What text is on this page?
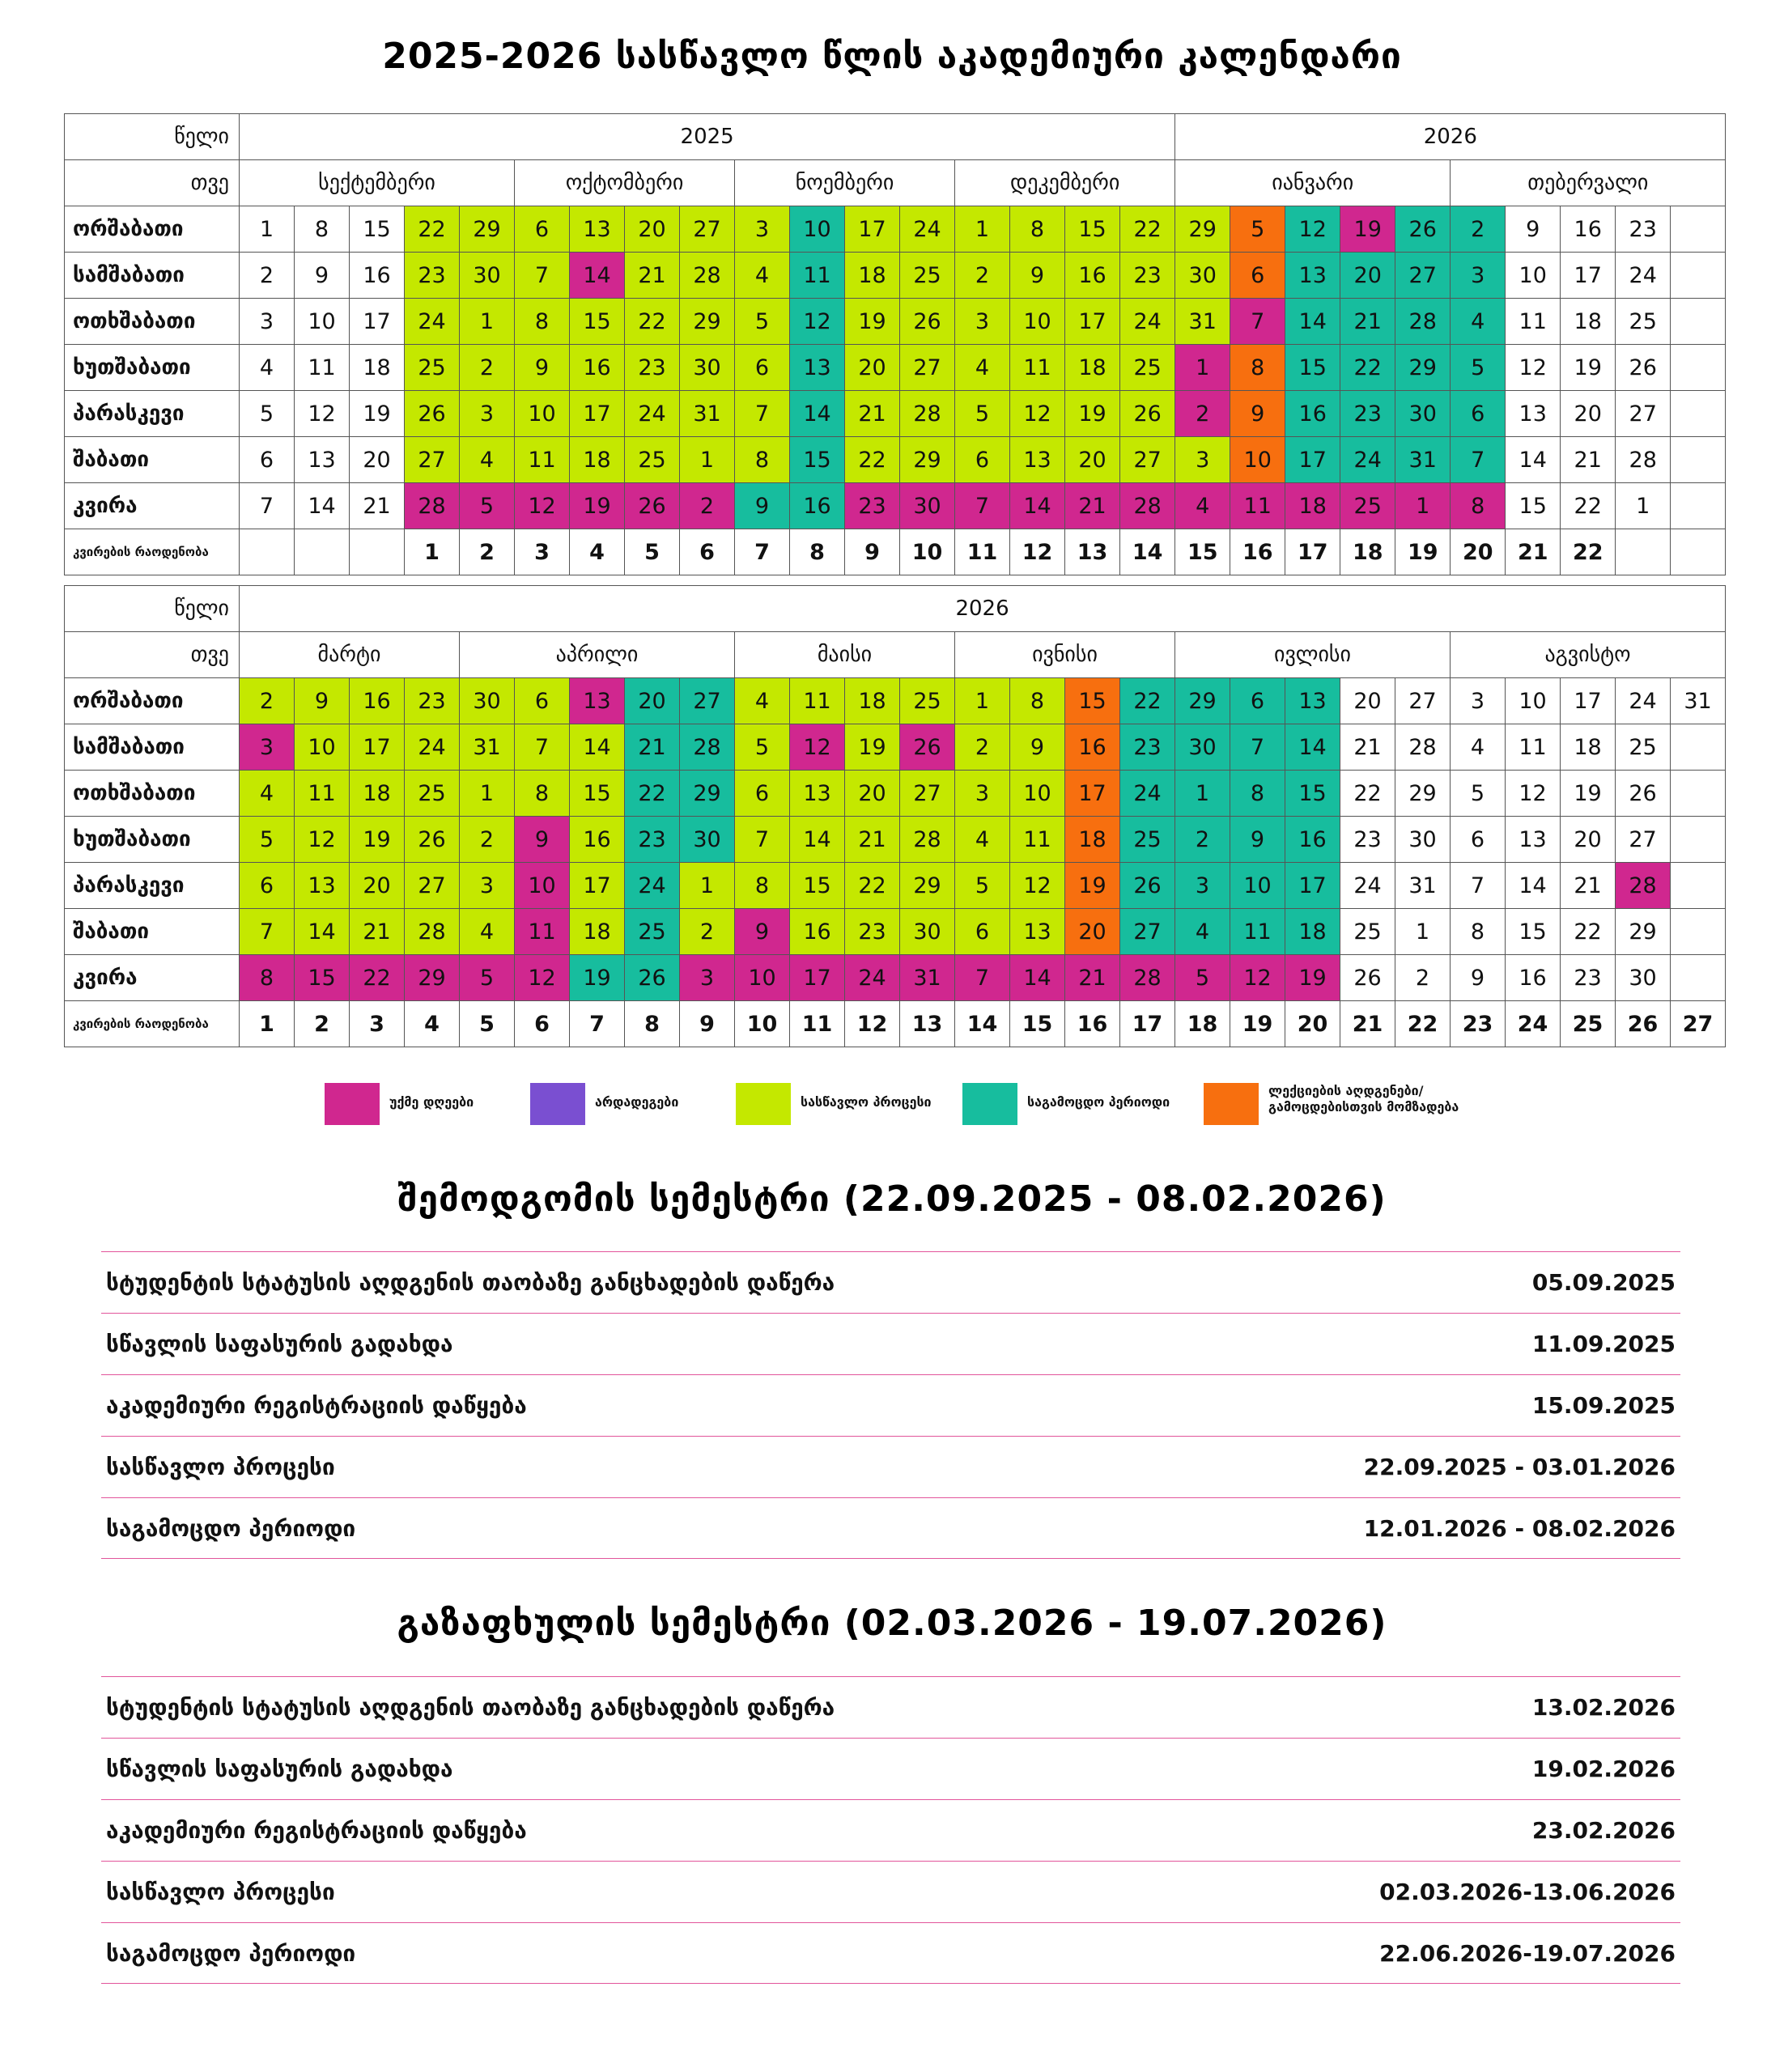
2025-2026 სასწავლო წლის აკადემიური კალენდარი
წელი	2025																	2026									
თვე	სექტემბერი					ოქტომბერი				ნოემბერი				დეკემბერი				იანვარი					თებერვალი				
ორშაბათი	1	8	15	22	29	6	13	20	27	3	10	17	24	1	8	15	22	29	5	12	19	26	2	9	16	23	
სამშაბათი	2	9	16	23	30	7	14	21	28	4	11	18	25	2	9	16	23	30	6	13	20	27	3	10	17	24	
ოთხშაბათი	3	10	17	24	1	8	15	22	29	5	12	19	26	3	10	17	24	31	7	14	21	28	4	11	18	25	
ხუთშაბათი	4	11	18	25	2	9	16	23	30	6	13	20	27	4	11	18	25	1	8	15	22	29	5	12	19	26	
პარასკევი	5	12	19	26	3	10	17	24	31	7	14	21	28	5	12	19	26	2	9	16	23	30	6	13	20	27	
შაბათი	6	13	20	27	4	11	18	25	1	8	15	22	29	6	13	20	27	3	10	17	24	31	7	14	21	28	
კვირა	7	14	21	28	5	12	19	26	2	9	16	23	30	7	14	21	28	4	11	18	25	1	8	15	22	1	
კვირების რაოდენობა				1	2	3	4	5	6	7	8	9	10	11	12	13	14	15	16	17	18	19	20	21	22		
წელი	2026																										
თვე	მარტი				აპრილი					მაისი				ივნისი				ივლისი					აგვისტო				
ორშაბათი	2	9	16	23	30	6	13	20	27	4	11	18	25	1	8	15	22	29	6	13	20	27	3	10	17	24	31
სამშაბათი	3	10	17	24	31	7	14	21	28	5	12	19	26	2	9	16	23	30	7	14	21	28	4	11	18	25	
ოთხშაბათი	4	11	18	25	1	8	15	22	29	6	13	20	27	3	10	17	24	1	8	15	22	29	5	12	19	26	
ხუთშაბათი	5	12	19	26	2	9	16	23	30	7	14	21	28	4	11	18	25	2	9	16	23	30	6	13	20	27	
პარასკევი	6	13	20	27	3	10	17	24	1	8	15	22	29	5	12	19	26	3	10	17	24	31	7	14	21	28	
შაბათი	7	14	21	28	4	11	18	25	2	9	16	23	30	6	13	20	27	4	11	18	25	1	8	15	22	29	
კვირა	8	15	22	29	5	12	19	26	3	10	17	24	31	7	14	21	28	5	12	19	26	2	9	16	23	30	
კვირების რაოდენობა	1	2	3	4	5	6	7	8	9	10	11	12	13	14	15	16	17	18	19	20	21	22	23	24	25	26	27
უქმე დღეები	არდადეგები	სასწავლო პროცესი	საგამოცდო პერიოდი
ლექციების აღდგენები/
გამოცდებისთვის მომზადება
შემოდგომის სემესტრი (22.09.2025 - 08.02.2026)
სტუდენტის სტატუსის აღდგენის თაობაზე განცხადების დაწერა	05.09.2025
სწავლის საფასურის გადახდა	11.09.2025
აკადემიური რეგისტრაციის დაწყება	15.09.2025
სასწავლო პროცესი	22.09.2025 - 03.01.2026
საგამოცდო პერიოდი	12.01.2026 - 08.02.2026
გაზაფხულის სემესტრი (02.03.2026 - 19.07.2026)
სტუდენტის სტატუსის აღდგენის თაობაზე განცხადების დაწერა	13.02.2026
სწავლის საფასურის გადახდა	19.02.2026
აკადემიური რეგისტრაციის დაწყება	23.02.2026
სასწავლო პროცესი	02.03.2026-13.06.2026
საგამოცდო პერიოდი	22.06.2026-19.07.2026
